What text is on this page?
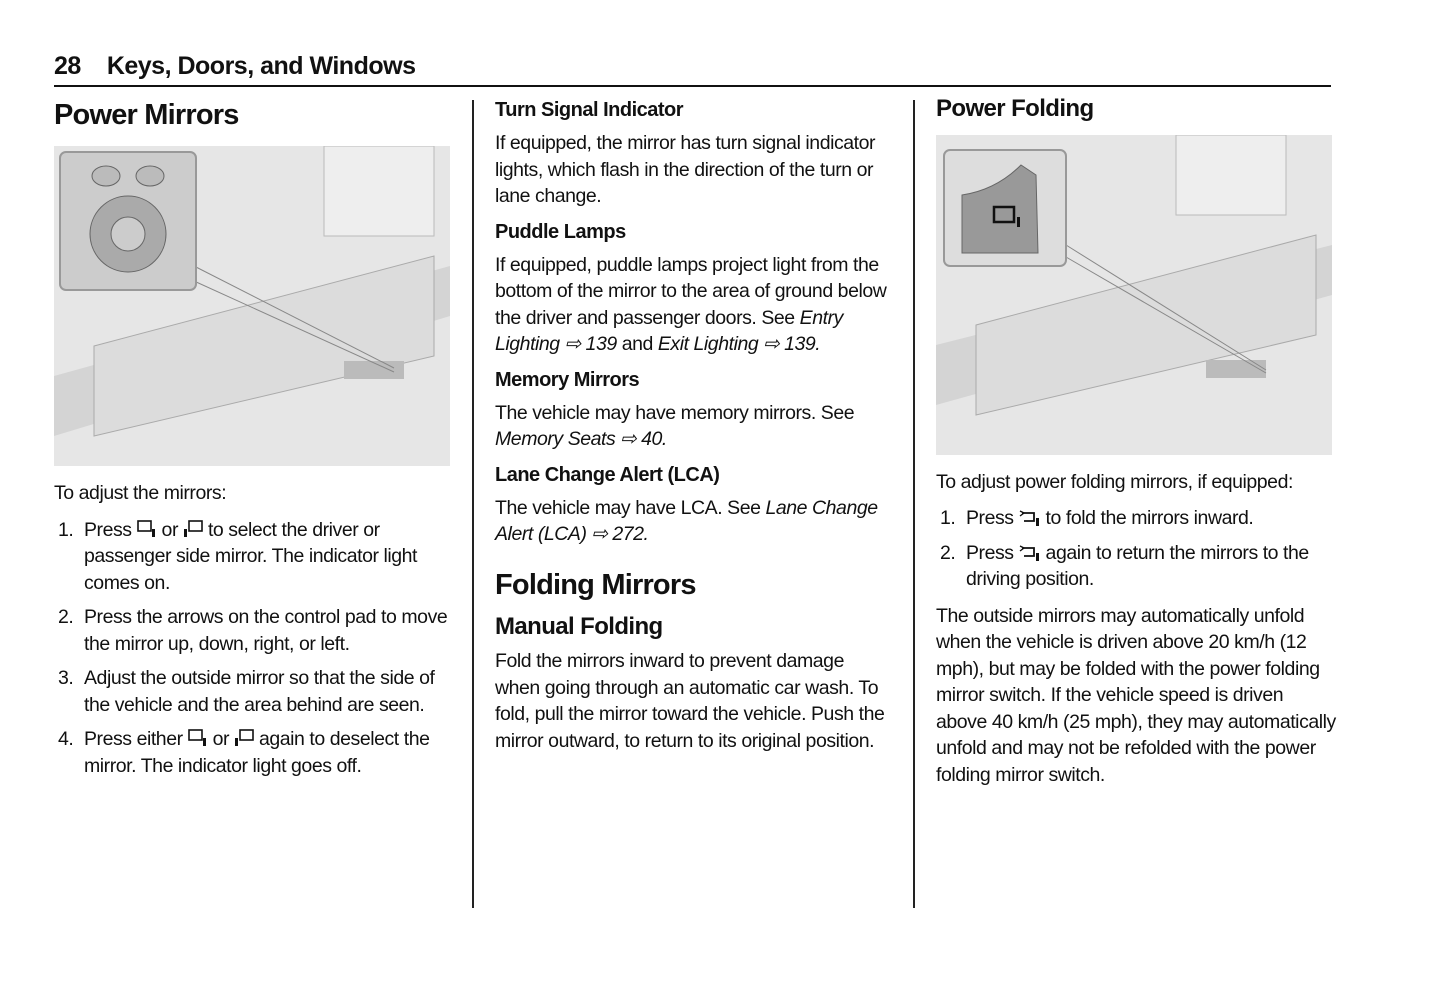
28 Keys, Doors, and Windows
Power Mirrors

To adjust the mirrors:

1. Press or to select the driver or passenger side mirror. The indicator light comes on.
2. Press the arrows on the control pad to move the mirror up, down, right, or left.
3. Adjust the outside mirror so that the side of the vehicle and the area behind are seen.
4. Press either or again to deselect the mirror. The indicator light goes off.
Turn Signal Indicator

If equipped, the mirror has turn signal indicator lights, which flash in the direction of the turn or lane change.

Puddle Lamps

If equipped, puddle lamps project light from the bottom of the mirror to the area of ground below the driver and passenger doors. See Entry Lighting ⇨ 139 and Exit Lighting ⇨ 139.

Memory Mirrors

The vehicle may have memory mirrors. See Memory Seats ⇨ 40.

Lane Change Alert (LCA)

The vehicle may have LCA. See Lane Change Alert (LCA) ⇨ 272.

Folding Mirrors
Manual Folding

Fold the mirrors inward to prevent damage when going through an automatic car wash. To fold, pull the mirror toward the vehicle. Push the mirror outward, to return to its original position.

Power Folding

To adjust power folding mirrors, if equipped:

1. Press to fold the mirrors inward.
2. Press again to return the mirrors to the driving position.

The outside mirrors may automatically unfold when the vehicle is driven above 20 km/h (12 mph), but may be folded with the power folding mirror switch. If the vehicle speed is driven above 40 km/h (25 mph), they may automatically unfold and may not be refolded with the power folding mirror switch.
